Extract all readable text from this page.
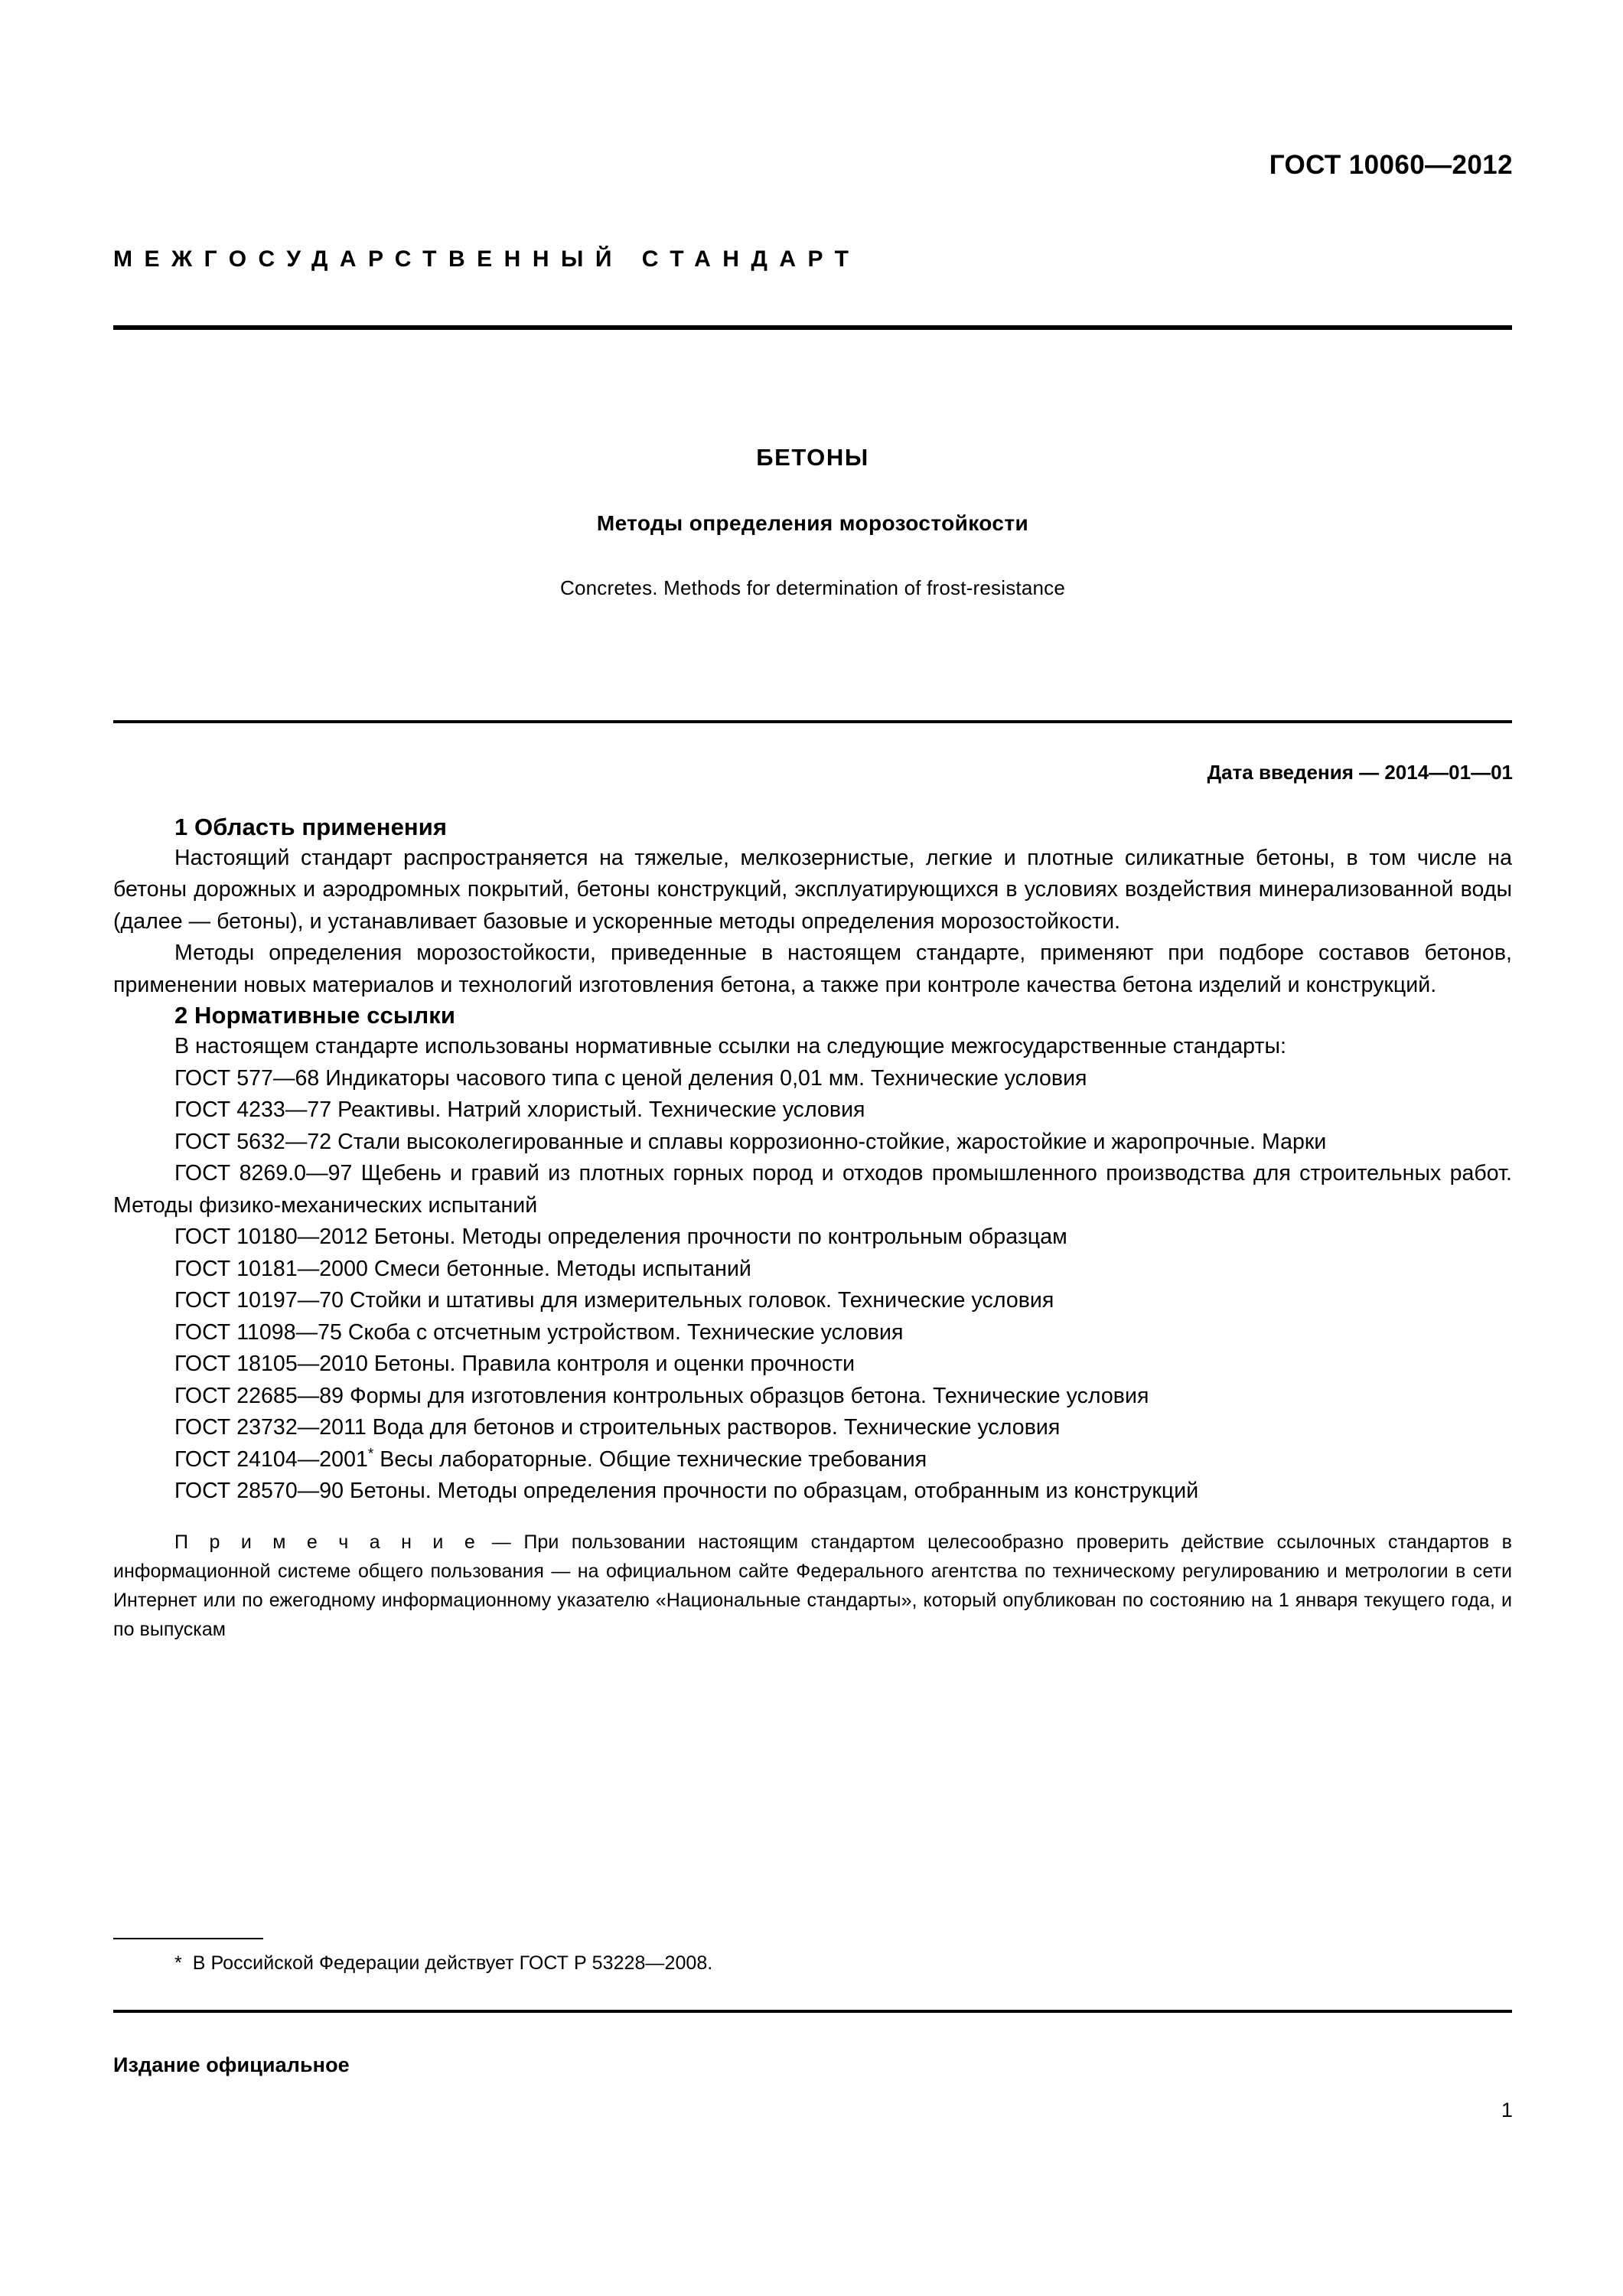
ГОСТ 10060—2012
МЕЖГОСУДАРСТВЕННЫЙ СТАНДАРТ
БЕТОНЫ
Методы определения морозостойкости
Concretes. Methods for determination of frost-resistance
Дата введения — 2014—01—01
1 Область применения

Настоящий стандарт распространяется на тяжелые, мелкозернистые, легкие и плотные силикатные бетоны, в том числе на бетоны дорожных и аэродромных покрытий, бетоны конструкций, эксплуатирующихся в условиях воздействия минерализованной воды (далее — бетоны), и устанавливает базовые и ускоренные методы определения морозостойкости.

Методы определения морозостойкости, приведенные в настоящем стандарте, применяют при подборе составов бетонов, применении новых материалов и технологий изготовления бетона, а также при контроле качества бетона изделий и конструкций.

2 Нормативные ссылки

В настоящем стандарте использованы нормативные ссылки на следующие межгосударственные стандарты:

ГОСТ 577—68 Индикаторы часового типа с ценой деления 0,01 мм. Технические условия
ГОСТ 4233—77 Реактивы. Натрий хлористый. Технические условия
ГОСТ 5632—72 Стали высоколегированные и сплавы коррозионно-стойкие, жаростойкие и жаропрочные. Марки
ГОСТ 8269.0—97 Щебень и гравий из плотных горных пород и отходов промышленного производства для строительных работ. Методы физико-механических испытаний
ГОСТ 10180—2012 Бетоны. Методы определения прочности по контрольным образцам
ГОСТ 10181—2000 Смеси бетонные. Методы испытаний
ГОСТ 10197—70 Стойки и штативы для измерительных головок. Технические условия
ГОСТ 11098—75 Скоба с отсчетным устройством. Технические условия
ГОСТ 18105—2010 Бетоны. Правила контроля и оценки прочности
ГОСТ 22685—89 Формы для изготовления контрольных образцов бетона. Технические условия
ГОСТ 23732—2011 Вода для бетонов и строительных растворов. Технические условия
ГОСТ 24104—2001* Весы лабораторные. Общие технические требования
ГОСТ 28570—90 Бетоны. Методы определения прочности по образцам, отобранным из конструкций

П р и м е ч а н и е — При пользовании настоящим стандартом целесообразно проверить действие ссылочных стандартов в информационной системе общего пользования — на официальном сайте Федерального агентства по техническому регулированию и метрологии в сети Интернет или по ежегодному информационному указателю «Национальные стандарты», который опубликован по состоянию на 1 января текущего года, и по выпускам

* В Российской Федерации действует ГОСТ Р 53228—2008.
Издание официальное
1
